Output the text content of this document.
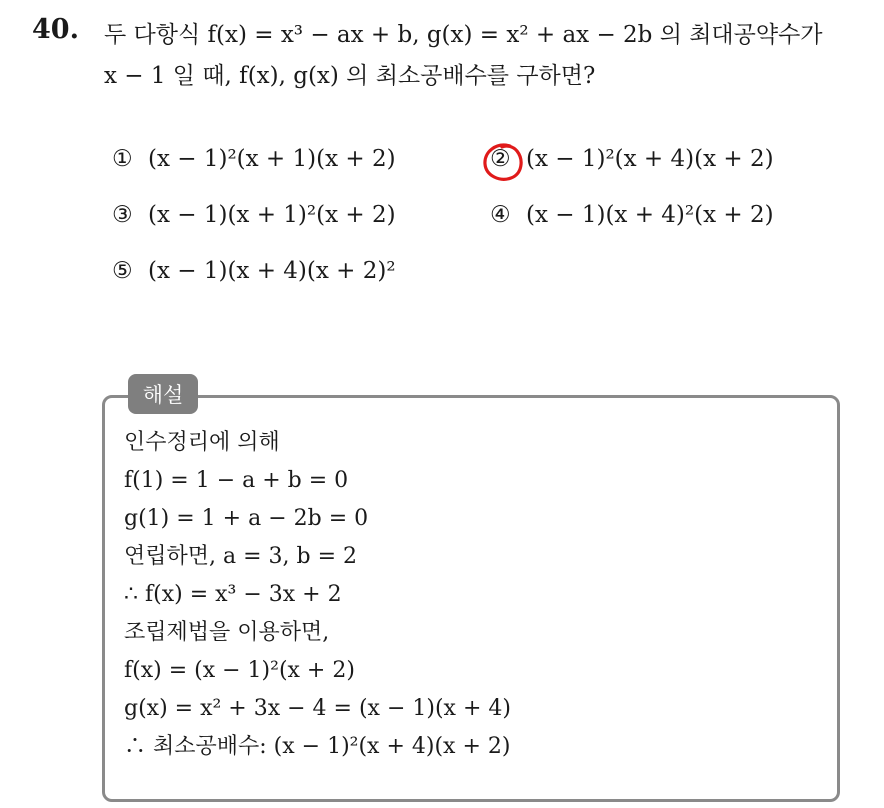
40. 두 다항식 f(x) = x³ − ax + b, g(x) = x² + ax − 2b 의 최대공약수가
x − 1 일 때, f(x), g(x) 의 최소공배수를 구하면?
① (x − 1)²(x + 1)(x + 2)	② (x − 1)²(x + 4)(x + 2)
③ (x − 1)(x + 1)²(x + 2)	④ (x − 1)(x + 4)²(x + 2)
⑤ (x − 1)(x + 4)(x + 2)²
해설
인수정리에 의해
f(1) = 1 − a + b = 0
g(1) = 1 + a − 2b = 0
연립하면, a = 3, b = 2
∴ f(x) = x³ − 3x + 2
조립제법을 이용하면,
f(x) = (x − 1)²(x + 2)
g(x) = x² + 3x − 4 = (x − 1)(x + 4)
∴ 최소공배수: (x − 1)²(x + 4)(x + 2)
